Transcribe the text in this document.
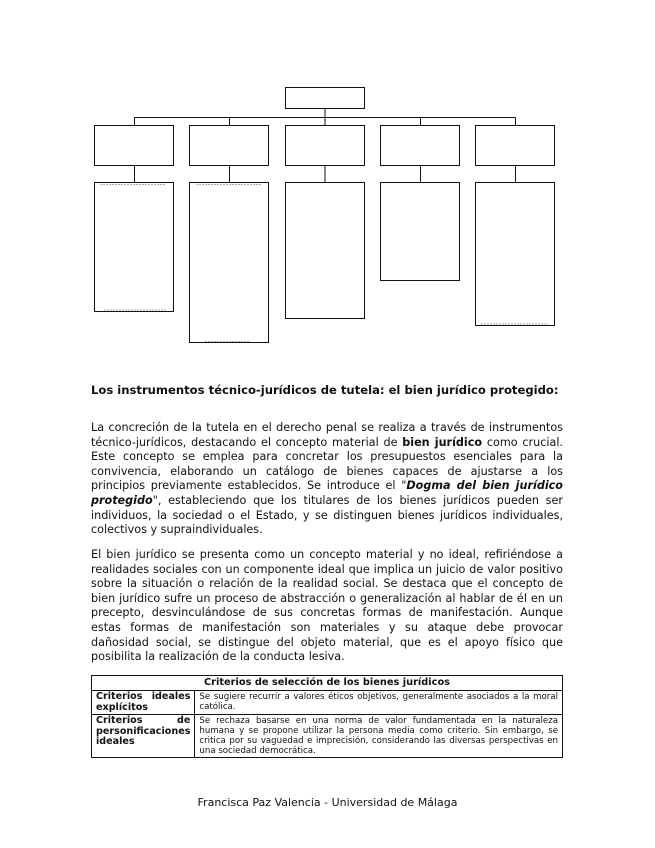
Los instrumentos técnico-jurídicos de tutela: el bien jurídico protegido:

La concreción de la tutela en el derecho penal se realiza a través de instrumentos técnico-jurídicos, destacando el concepto material de bien jurídico como crucial. Este concepto se emplea para concretar los presupuestos esenciales para la convivencia, elaborando un catálogo de bienes capaces de ajustarse a los principios previamente establecidos. Se introduce el "Dogma del bien jurídico protegido", estableciendo que los titulares de los bienes jurídicos pueden ser individuos, la sociedad o el Estado, y se distinguen bienes jurídicos individuales, colectivos y supraindividuales.

El bien jurídico se presenta como un concepto material y no ideal, refiriéndose a realidades sociales con un componente ideal que implica un juicio de valor positivo sobre la situación o relación de la realidad social. Se destaca que el concepto de bien jurídico sufre un proceso de abstracción o generalización al hablar de él en un precepto, desvinculándose de sus concretas formas de manifestación. Aunque estas formas de manifestación son materiales y su ataque debe provocar dañosidad social, se distingue del objeto material, que es el apoyo físico que posibilita la realización de la conducta lesiva.

Criterios de selección de los bienes jurídicos	
Criterios ideales explícitos	Se sugiere recurrir a valores éticos objetivos, generalmente asociados a la moral católica.
Criterios de personificaciones ideales	Se rechaza basarse en una norma de valor fundamentada en la naturaleza humana y se propone utilizar la persona media como criterio. Sin embargo, se critica por su vaguedad e imprecisión, considerando las diversas perspectivas en una sociedad democrática.

Francisca Paz Valencia - Universidad de Málaga
